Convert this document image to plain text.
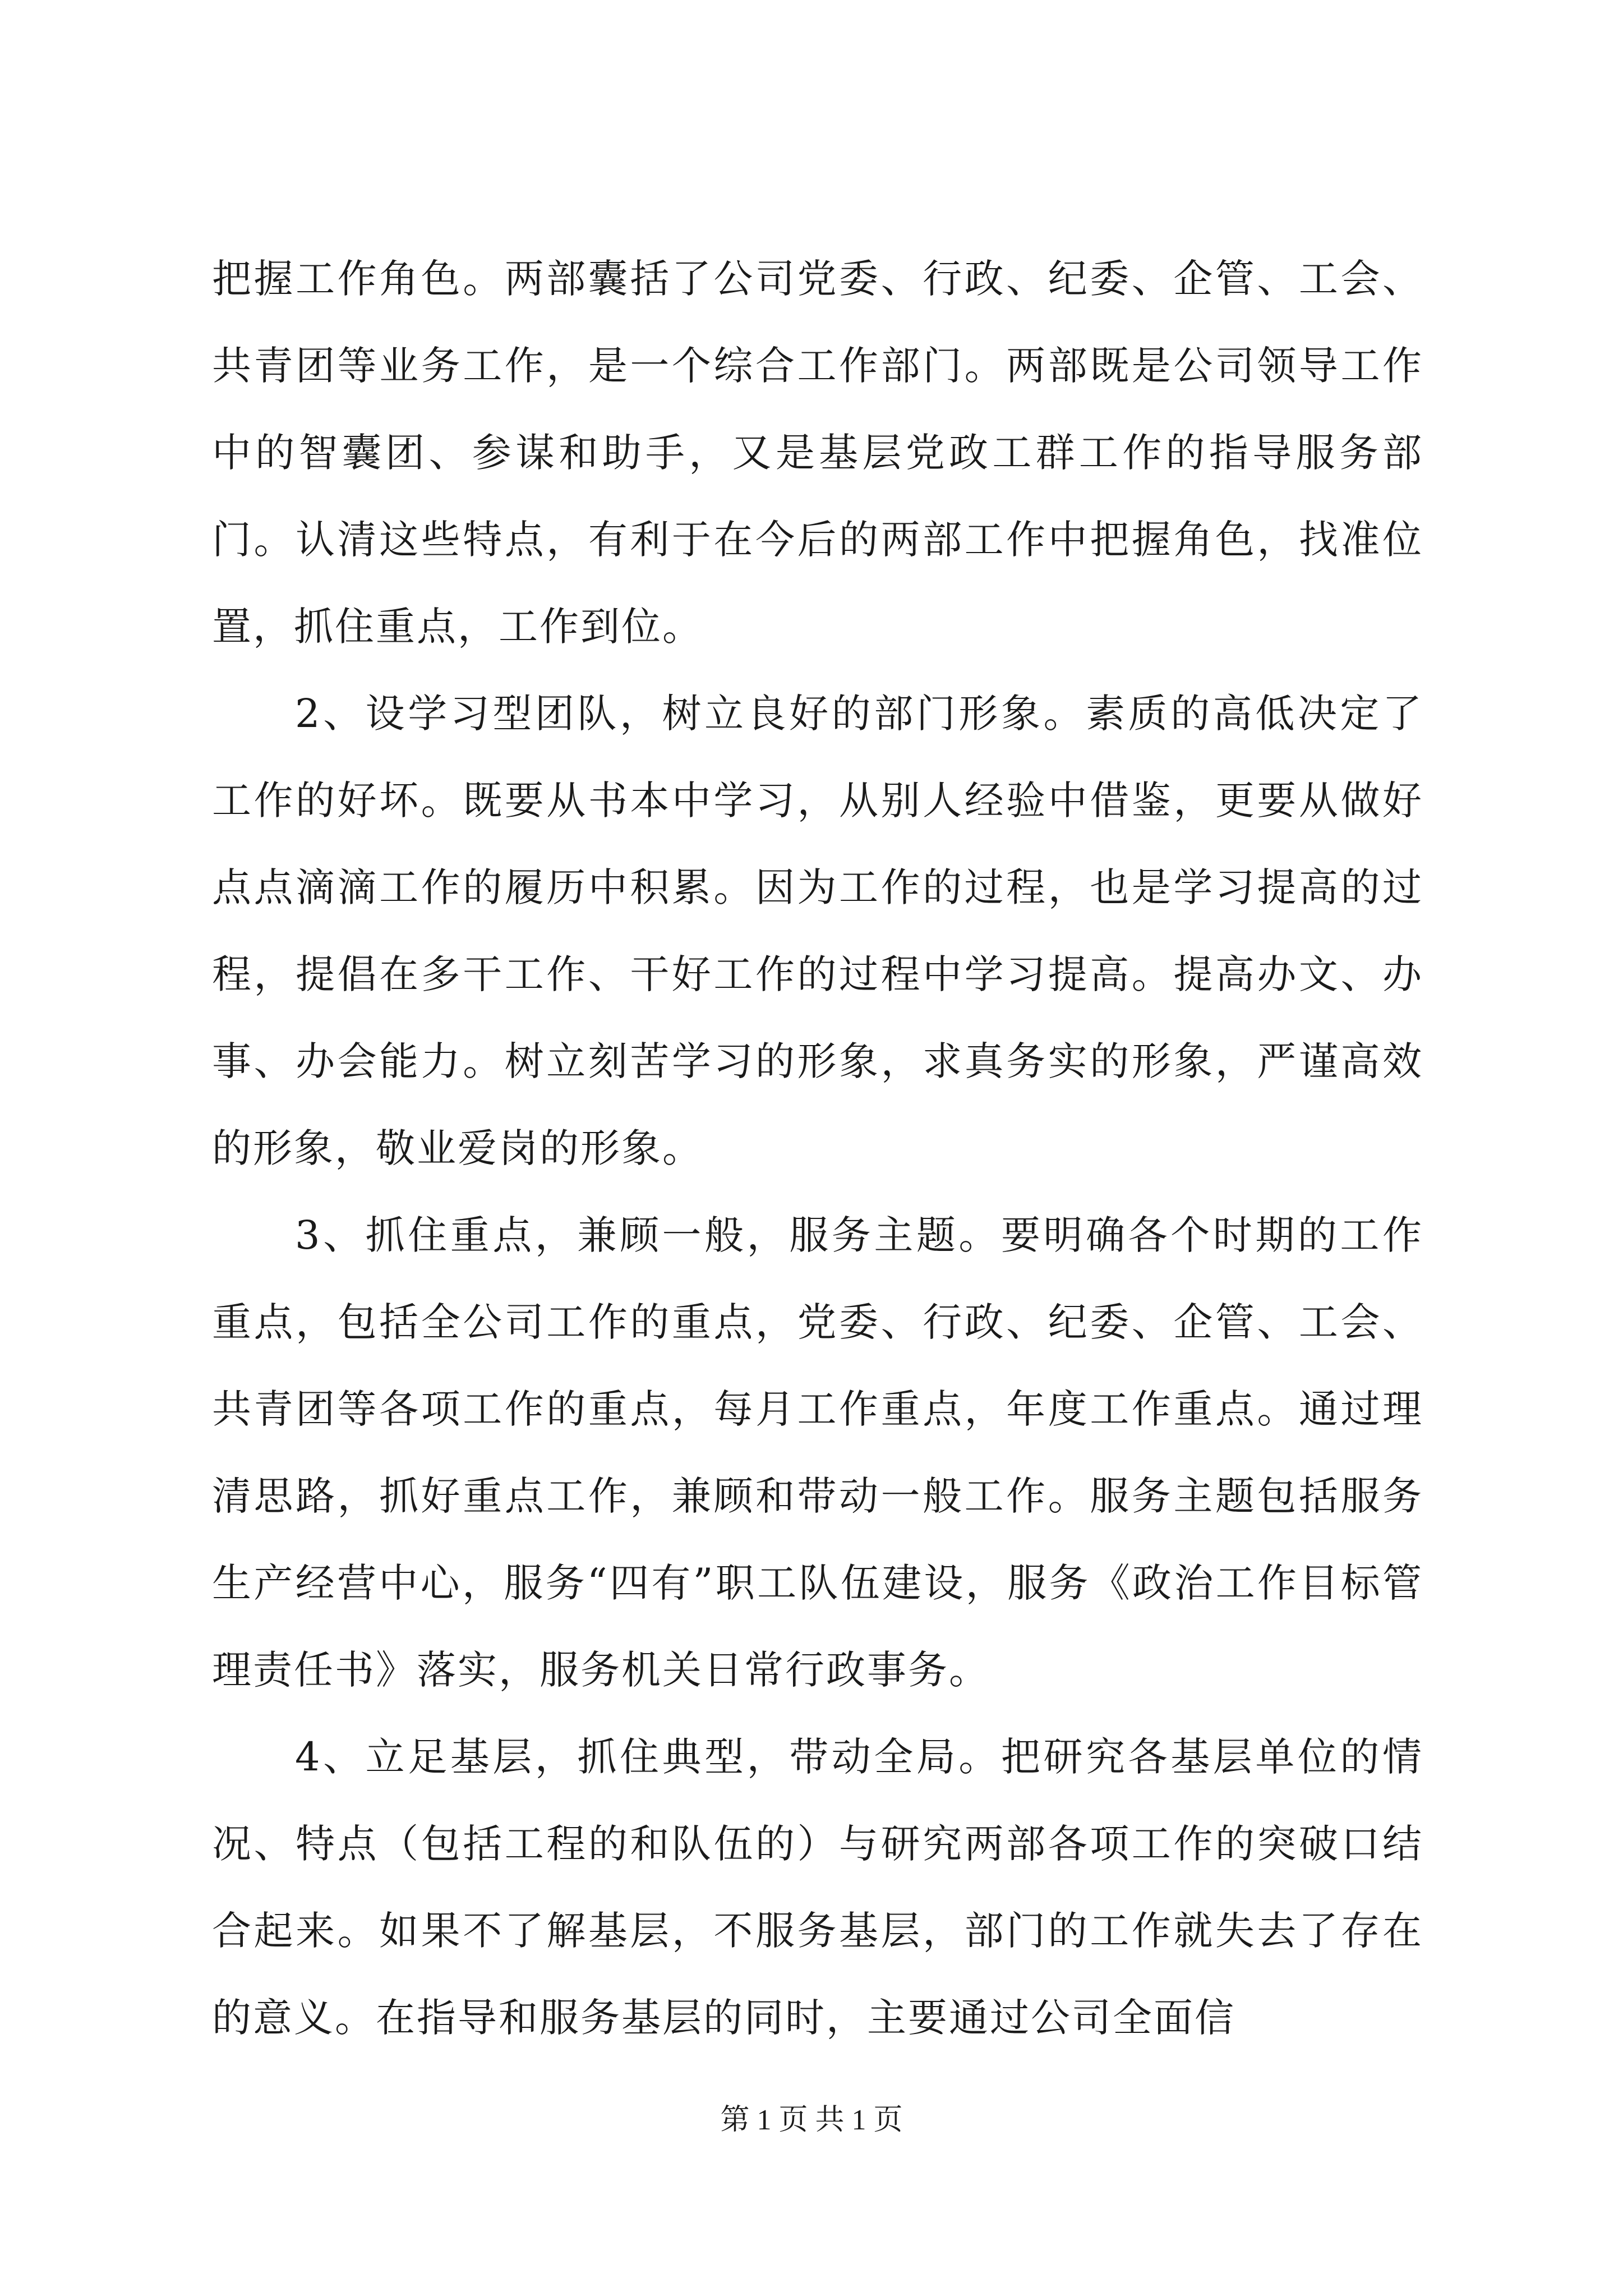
把握工作角色。两部囊括了公司党委、行政、纪委、企管、工会、共青团等业务工作，是一个综合工作部门。两部既是公司领导工作中的智囊团、参谋和助手，又是基层党政工群工作的指导服务部门。认清这些特点，有利于在今后的两部工作中把握角色，找准位置，抓住重点，工作到位。

2、设学习型团队，树立良好的部门形象。素质的高低决定了工作的好坏。既要从书本中学习，从别人经验中借鉴，更要从做好点点滴滴工作的履历中积累。因为工作的过程，也是学习提高的过程，提倡在多干工作、干好工作的过程中学习提高。提高办文、办事、办会能力。树立刻苦学习的形象，求真务实的形象，严谨高效的形象，敬业爱岗的形象。

3、抓住重点，兼顾一般，服务主题。要明确各个时期的工作重点，包括全公司工作的重点，党委、行政、纪委、企管、工会、共青团等各项工作的重点，每月工作重点，年度工作重点。通过理清思路，抓好重点工作，兼顾和带动一般工作。服务主题包括服务生产经营中心，服务“四有”职工队伍建设，服务《政治工作目标管理责任书》落实，服务机关日常行政事务。

4、立足基层，抓住典型，带动全局。把研究各基层单位的情况、特点（包括工程的和队伍的）与研究两部各项工作的突破口结合起来。如果不了解基层，不服务基层，部门的工作就失去了存在的意义。在指导和服务基层的同时，主要通过公司全面信

第 1 页 共 1 页
